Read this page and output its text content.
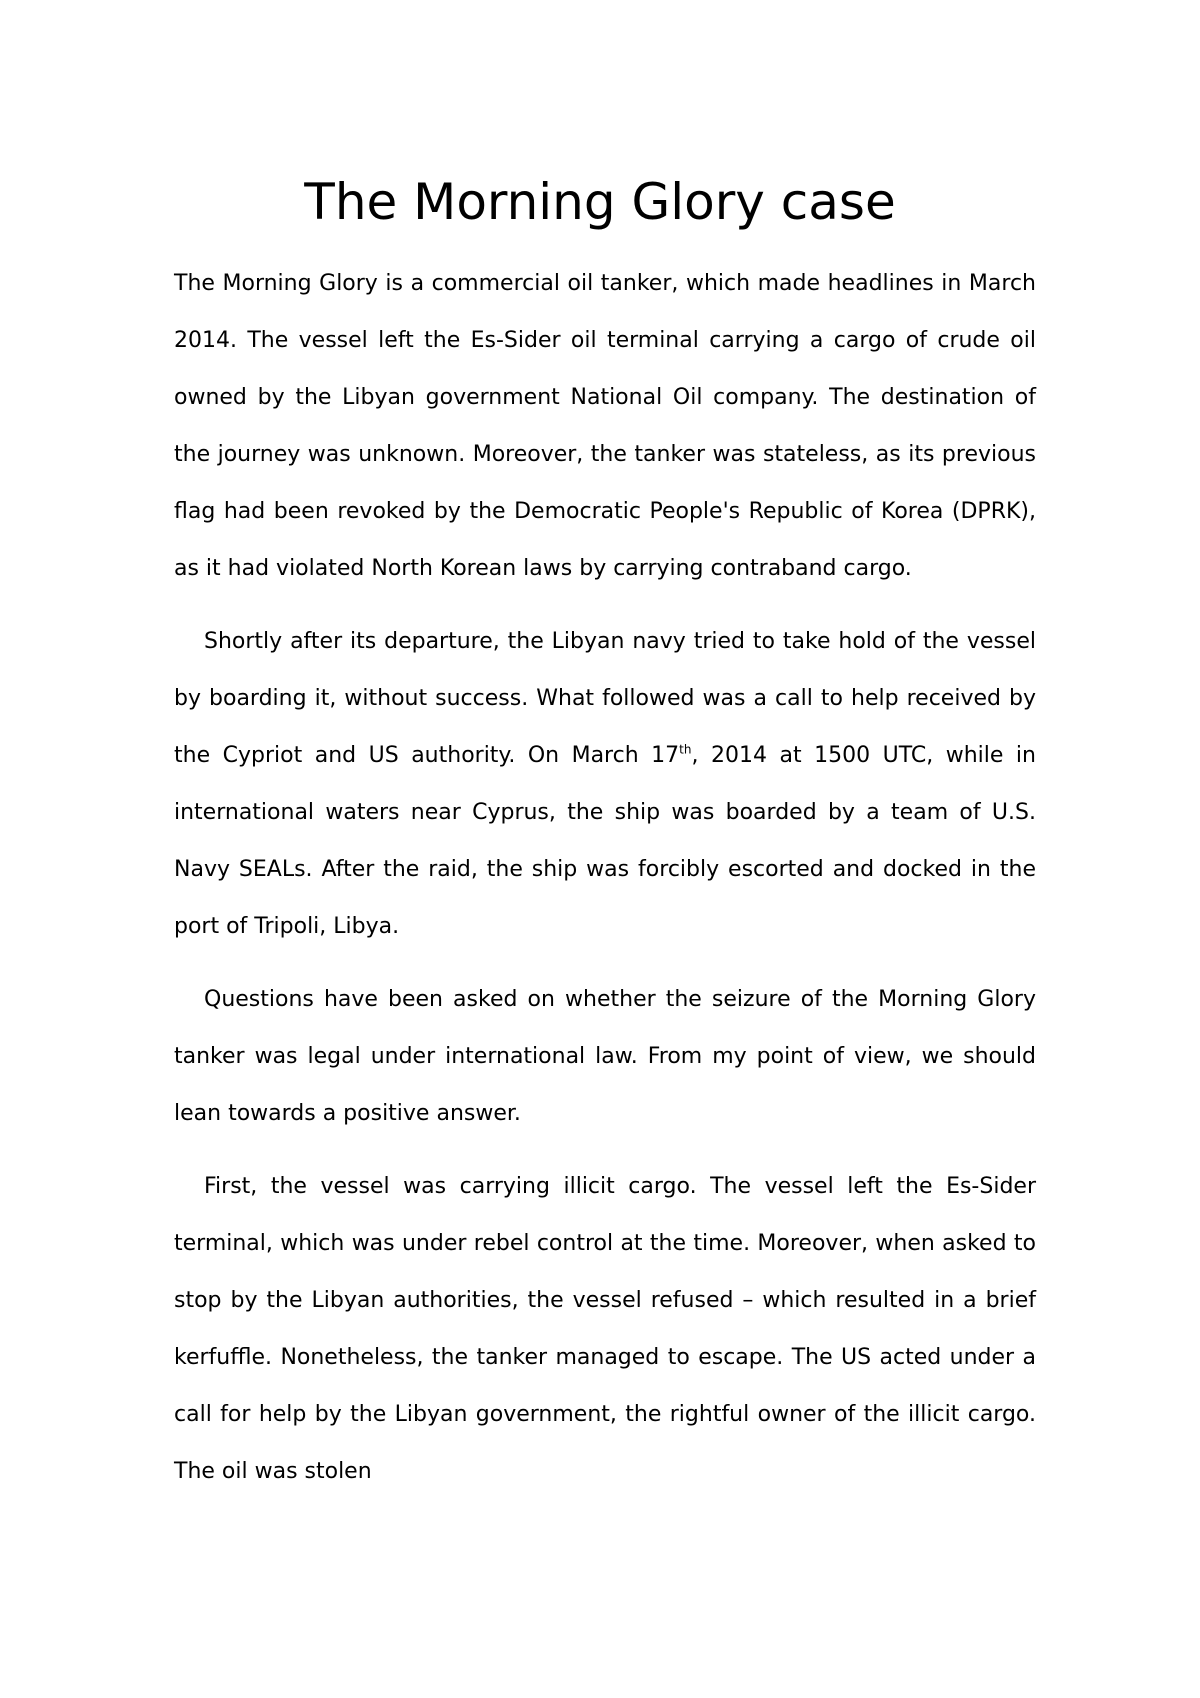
The Morning Glory case

The Morning Glory is a commercial oil tanker, which made headlines in March 2014. The vessel left the Es-Sider oil terminal carrying a cargo of crude oil owned by the Libyan government National Oil company. The destination of the journey was unknown. Moreover, the tanker was stateless, as its previous flag had been revoked by the Democratic People's Republic of Korea (DPRK), as it had violated North Korean laws by carrying contraband cargo.

Shortly after its departure, the Libyan navy tried to take hold of the vessel by boarding it, without success. What followed was a call to help received by the Cypriot and US authority. On March 17th, 2014 at 1500 UTC, while in international waters near Cyprus, the ship was boarded by a team of U.S. Navy SEALs. After the raid, the ship was forcibly escorted and docked in the port of Tripoli, Libya.

Questions have been asked on whether the seizure of the Morning Glory tanker was legal under international law. From my point of view, we should lean towards a positive answer.

First, the vessel was carrying illicit cargo. The vessel left the Es-Sider terminal, which was under rebel control at the time. Moreover, when asked to stop by the Libyan authorities, the vessel refused – which resulted in a brief kerfuffle. Nonetheless, the tanker managed to escape. The US acted under a call for help by the Libyan government, the rightful owner of the illicit cargo. The oil was stolen
